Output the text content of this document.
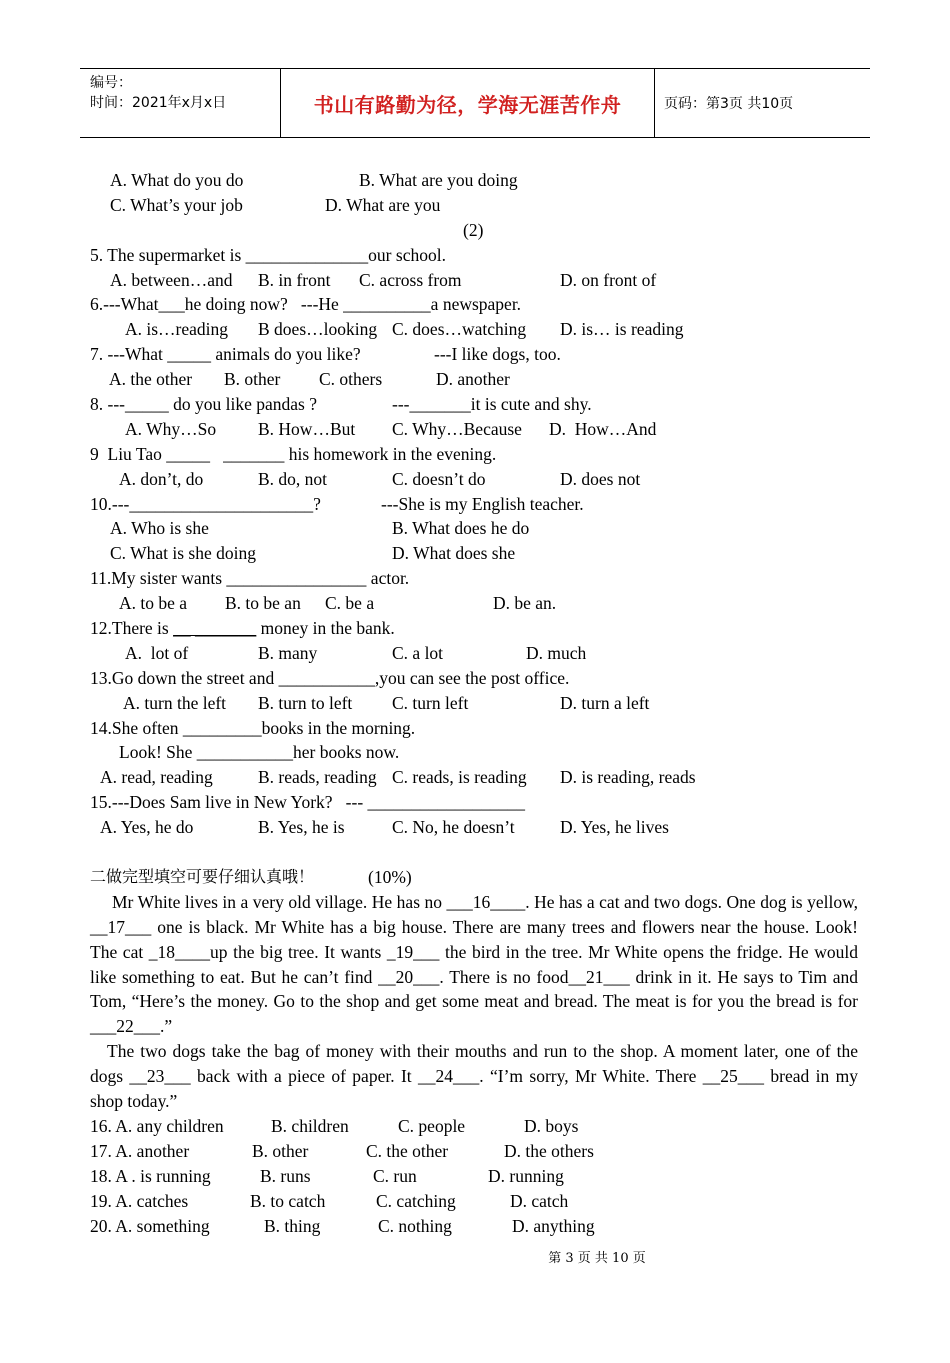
编号：
时间：2021年x月x日	书山有路勤为径，学海无涯苦作舟	页码：第3页 共10页

A. What do you do

	B. What are you doing

C. What’s your job

	D. What are you

(2)

5. The supermarket is ______________our school.

A. between…and

B. in front

C. across from

	D. on front of

6.---What___he doing now?   ---He __________a newspaper.

A. is…reading

B does…looking

C. does…watching

D. is… is reading

7. ---What _____ animals do you like?

	---I like dogs, too.

A. the other

B. other

C. others

	D. another

8. ---_____ do you like pandas ?

	---_______it is cute and shy.

A. Why…So

B. How…But

C. Why…Because

D.  How…And

9  Liu Tao _____   _______ his homework in the evening.

A. don’t, do

	B. do, not

	C. doesn’t do

	D. does not

10.---_____________________?

	---She is my English teacher.

A. Who is she

	B. What does he do

C. What is she doing

	D. What does she

11.My sister wants ________________ actor.

A. to be a

B. to be an

C. be a

	D. be an.

12.There is __ _______ money in the bank.

A.  lot of

	B. many

	C. a lot

	D. much

13.Go down the street and ___________,you can see the post office.

A. turn the left

B. turn to left

C. turn left

	D. turn a left

14.She often _________books in the morning.

Look! She ___________her books now.

A. read, reading

	B. reads, reading

C. reads, is reading

D. is reading, reads

15.---Does Sam live in New York?   --- __________________

A. Yes, he do

	B. Yes, he is

	C. No, he doesn’t

	D. Yes, he lives

二做完型填空可要仔细认真哦！

	(10%)

Mr White lives in a very old village. He has no ___16____. He has a cat and two dogs. One dog is yellow, __17___ one is black. Mr White has a big house. There are many trees and flowers near the house. Look! The cat _18____up the big tree. It wants _19___ the bird in the tree. Mr White opens the fridge. He would like something to eat. But he can’t find __20___. There is no food__21___ drink in it. He says to Tim and Tom, “Here’s the money. Go to the shop and get some meat and bread. The meat is for you the bread is for ___22___.”
The two dogs take the bag of money with their mouths and run to the shop. A moment later, one of the dogs __23___ back with a piece of paper. It __24___. “I’m sorry, Mr White. There __25___ bread in my shop today.”

16. A. any children

	B. children

	C. people

	D. boys

17. A. another

	B. other

	C. the other

	D. the others

18. A . is running

	B. runs

	C. run

	D. running

19. A. catches

	B. to catch

	C. catching

	D. catch

20. A. something

	B. thing

	C. nothing

	D. anything

第 3 页 共 10 页
